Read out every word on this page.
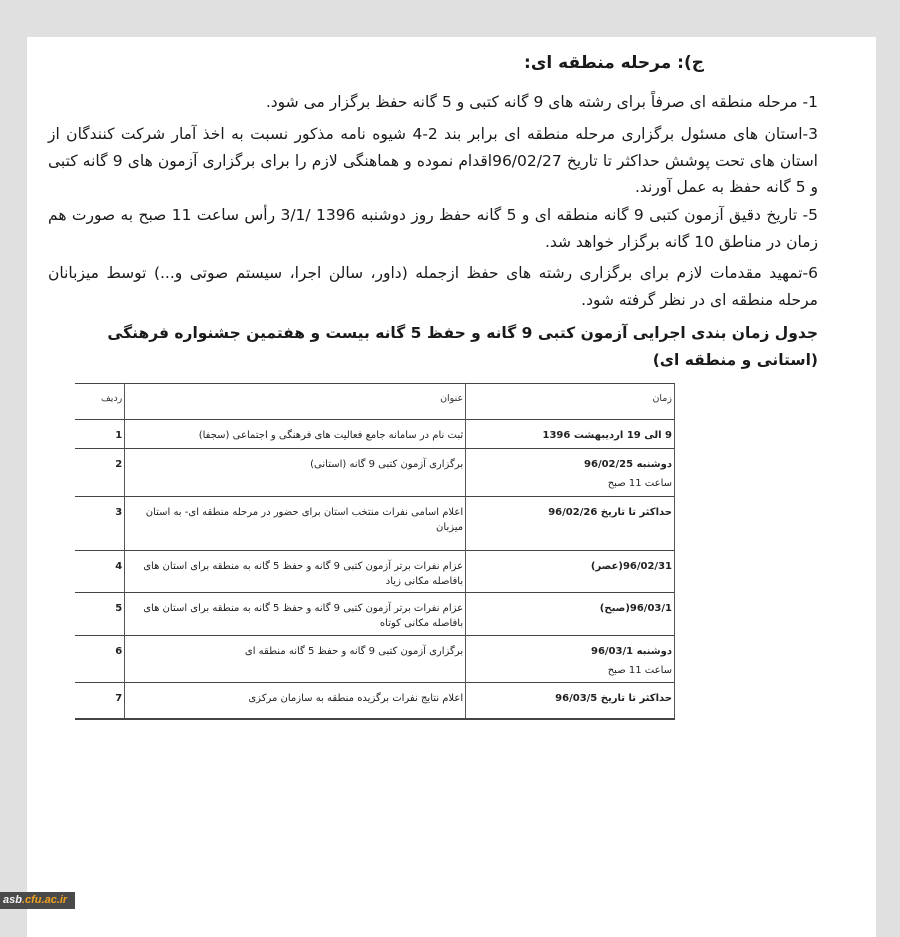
ج): مرحله منطقه ای:
1- مرحله منطقه ای صرفاً برای رشته های 9 گانه کتبی و 5 گانه حفظ برگزار می شود.
3-استان های مسئول برگزاری مرحله منطقه ای برابر بند 2-4 شیوه نامه مذکور نسبت به اخذ آمار شرکت کنندگان از استان های تحت پوشش حداکثر تا تاریخ 96/02/27اقدام نموده و هماهنگی لازم را برای برگزاری آزمون های 9 گانه کتبی و 5 گانه حفظ به عمل آورند.
5- تاریخ دقیق آزمون کتبی 9 گانه منطقه ای و 5 گانه حفظ روز دوشنبه 1396 /3/1 رأس ساعت 11 صبح به صورت هم زمان در مناطق 10 گانه برگزار خواهد شد.
6-تمهید مقدمات لازم برای برگزاری رشته های حفظ ازجمله (داور، سالن اجرا، سیستم صوتی و...) توسط میزبانان مرحله منطقه ای در نظر گرفته شود.
جدول زمان بندی اجرایی آزمون کتبی 9 گانه و حفظ 5 گانه بیست و هفتمین جشنواره فرهنگی (استانی و منطقه ای)
زمان	عنوان	ردیف
9 الی 19 اردیبهشت 1396	ثبت نام در سامانه جامع فعالیت های فرهنگی و اجتماعی (سجفا)	1
دوشنبه 96/02/25
ساعت 11 صبح	برگزاری آزمون کتبی 9 گانه (استانی)	2
حداکثر تا تاریخ 96/02/26	اعلام اسامی نفرات منتخب استان برای حضور در مرحله منطقه ای- به استان میزبان	3
96/02/31(عصر)	عزام نفرات برتر آزمون کتبی 9 گانه و حفظ 5 گانه به منطقه برای استان های بافاصله مکانی زیاد	4
96/03/1(صبح)	عزام نفرات برتر آزمون کتبی 9 گانه و حفظ 5 گانه به منطقه برای استان های بافاصله مکانی کوتاه	5
دوشنبه 96/03/1
ساعت 11 صبح	برگزاری آزمون کتبی 9 گانه و حفظ 5 گانه منطقه ای	6
حداکثر تا تاریخ 96/03/5	اعلام نتایج نفرات برگزیده منطقه به سازمان مرکزی	7
asb.cfu.ac.ir
